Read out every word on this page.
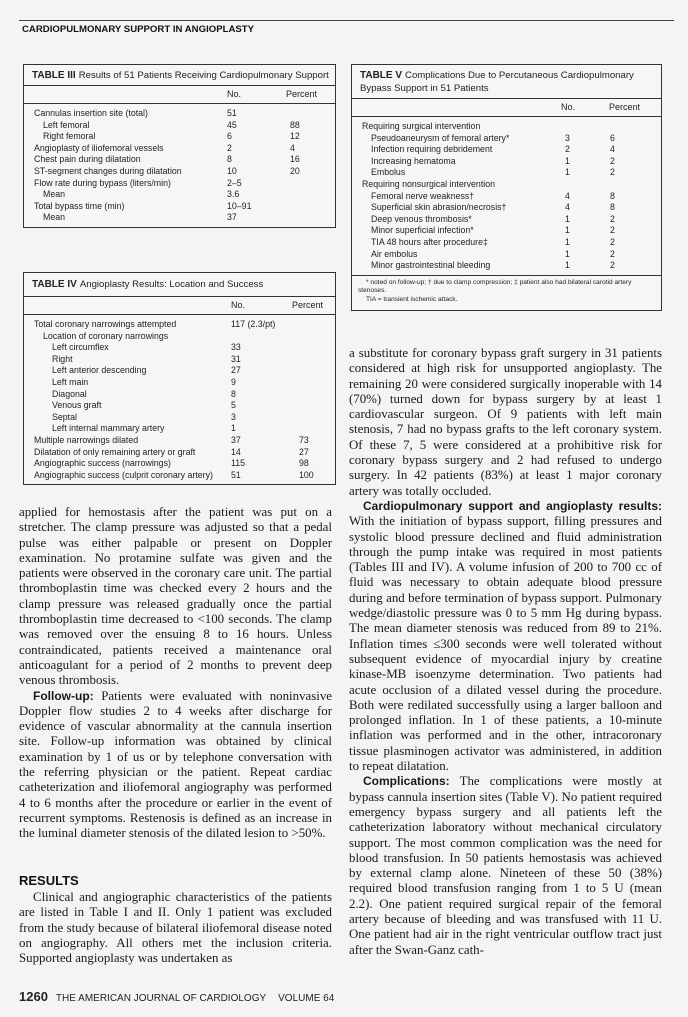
CARDIOPULMONARY SUPPORT IN ANGIOPLASTY
TABLE III Results of 51 Patients Receiving Cardiopulmonary Support
No.	Percent
Cannulas insertion site (total)	51
Left femoral	45	88
Right femoral	6	12
Angioplasty of iliofemoral vessels	2	4
Chest pain during dilatation	8	16
ST-segment changes during dilatation	10	20
Flow rate during bypass (liters/min)	2–5
Mean	3.6
Total bypass time (min)	10–91
Mean	37
TABLE IV Angioplasty Results: Location and Success
No.	Percent
Total coronary narrowings attempted	117 (2.3/pt)
Location of coronary narrowings
Left circumflex	33
Right	31
Left anterior descending	27
Left main	9
Diagonal	8
Venous graft	5
Septal	3
Left internal mammary artery	1
Multiple narrowings dilated	37	73
Dilatation of only remaining artery or graft	14	27
Angiographic success (narrowings)	115	98
Angiographic success (culprit coronary artery) 51	100
TABLE V Complications Due to Percutaneous Cardiopulmonary Bypass Support in 51 Patients
No.	Percent
Requiring surgical intervention
Pseudoaneurysm of femoral artery*	3	6
Infection requiring debridement	2	4
Increasing hematoma	1	2
Embolus	1	2
Requiring nonsurgical intervention
Femoral nerve weakness†	4	8
Superficial skin abrasion/necrosis†	4	8
Deep venous thrombosis*	1	2
Minor superficial infection*	1	2
TIA 48 hours after procedure‡	1	2
Air embolus	1	2
Minor gastrointestinal bleeding	1	2
* noted on follow-up; † due to clamp compression; ‡ patient also had bilateral carotid artery stenoses.
TIA = transient ischemic attack.

applied for hemostasis after the patient was put on a stretcher. The clamp pressure was adjusted so that a pedal pulse was either palpable or present on Doppler examination. No protamine sulfate was given and the patients were observed in the coronary care unit. The partial thromboplastin time was checked every 2 hours and the clamp pressure was released gradually once the partial thromboplastin time decreased to <100 seconds. The clamp was removed over the ensuing 8 to 16 hours. Unless contraindicated, patients received a maintenance oral anticoagulant for a period of 2 months to prevent deep venous thrombosis.

Follow-up: Patients were evaluated with noninvasive Doppler flow studies 2 to 4 weeks after discharge for evidence of vascular abnormality at the cannula insertion site. Follow-up information was obtained by clinical examination by 1 of us or by telephone conversation with the referring physician or the patient. Repeat cardiac catheterization and iliofemoral angiography was performed 4 to 6 months after the procedure or earlier in the event of recurrent symptoms. Restenosis is defined as an increase in the luminal diameter stenosis of the dilated lesion to >50%.

RESULTS

Clinical and angiographic characteristics of the patients are listed in Table I and II. Only 1 patient was excluded from the study because of bilateral iliofemoral disease noted on angiography. All others met the inclusion criteria. Supported angioplasty was undertaken as

a substitute for coronary bypass graft surgery in 31 patients considered at high risk for unsupported angioplasty. The remaining 20 were considered surgically inoperable with 14 (70%) turned down for bypass surgery by at least 1 cardiovascular surgeon. Of 9 patients with left main stenosis, 7 had no bypass grafts to the left coronary system. Of these 7, 5 were considered at a prohibitive risk for coronary bypass surgery and 2 had refused to undergo surgery. In 42 patients (83%) at least 1 major coronary artery was totally occluded.

Cardiopulmonary support and angioplasty results: With the initiation of bypass support, filling pressures and systolic blood pressure declined and fluid administration through the pump intake was required in most patients (Tables III and IV). A volume infusion of 200 to 700 cc of fluid was necessary to obtain adequate blood pressure during and before termination of bypass support. Pulmonary wedge/diastolic pressure was 0 to 5 mm Hg during bypass. The mean diameter stenosis was reduced from 89 to 21%. Inflation times ≤300 seconds were well tolerated without subsequent evidence of myocardial injury by creatine kinase-MB isoenzyme determination. Two patients had acute occlusion of a dilated vessel during the procedure. Both were redilated successfully using a larger balloon and prolonged inflation. In 1 of these patients, a 10-minute inflation was performed and in the other, intracoronary tissue plasminogen activator was administered, in addition to repeat dilatation.

Complications: The complications were mostly at bypass cannula insertion sites (Table V). No patient required emergency bypass surgery and all patients left the catheterization laboratory without mechanical circulatory support. The most common complication was the need for blood transfusion. In 50 patients hemostasis was achieved by external clamp alone. Nineteen of these 50 (38%) required blood transfusion ranging from 1 to 5 U (mean 2.2). One patient required surgical repair of the femoral artery because of bleeding and was transfused with 11 U. One patient had air in the right ventricular outflow tract just after the Swan-Ganz cath-

1260 THE AMERICAN JOURNAL OF CARDIOLOGY VOLUME 64
